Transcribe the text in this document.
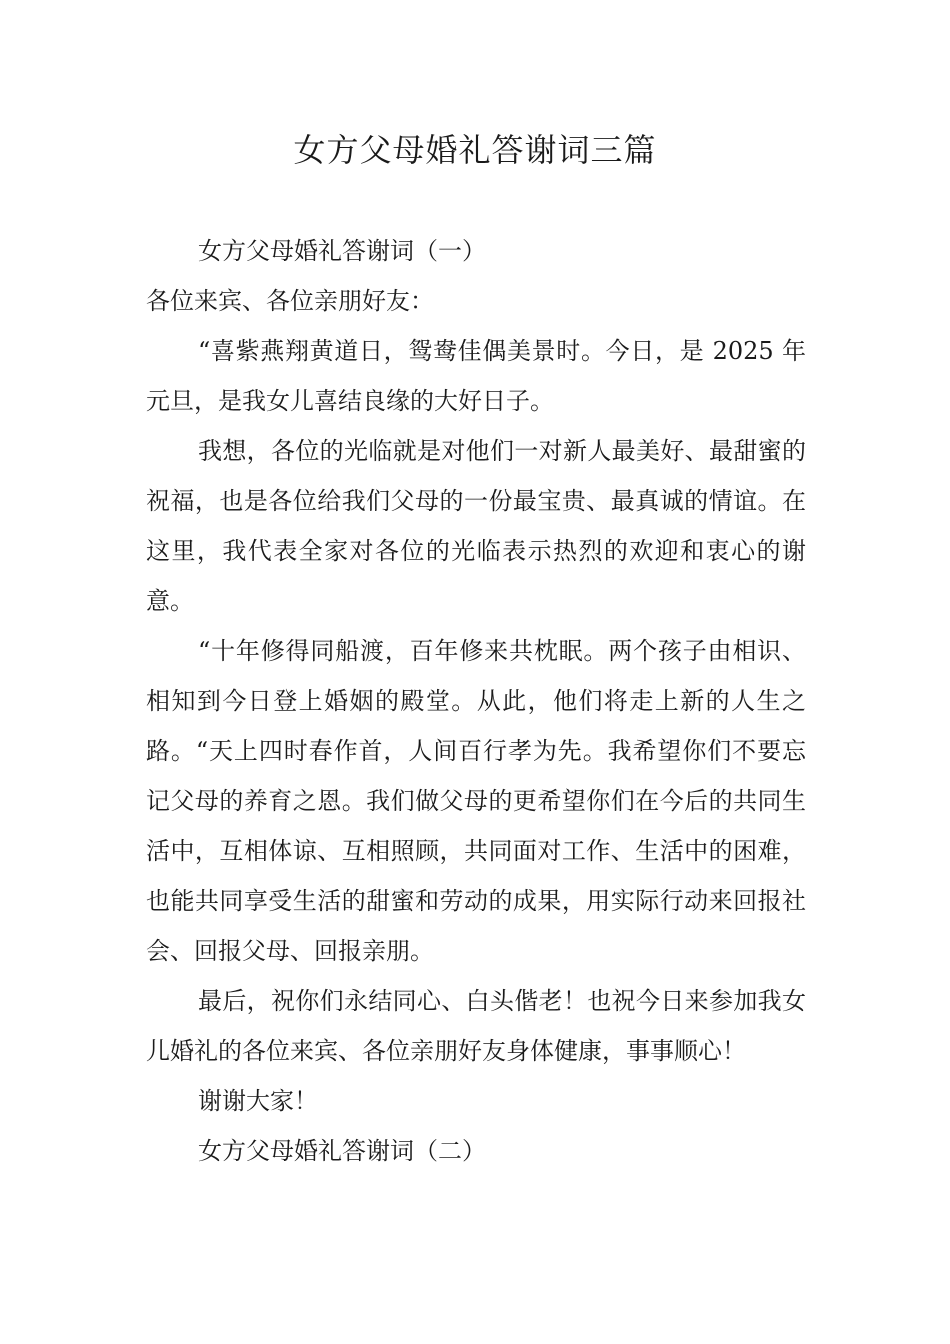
女方父母婚礼答谢词三篇

女方父母婚礼答谢词（一）

各位来宾、各位亲朋好友：

“喜紫燕翔黄道日，鸳鸯佳偶美景时。今日，是 2025 年元旦，是我女儿喜结良缘的大好日子。

我想，各位的光临就是对他们一对新人最美好、最甜蜜的祝福，也是各位给我们父母的一份最宝贵、最真诚的情谊。在这里，我代表全家对各位的光临表示热烈的欢迎和衷心的谢意。

“十年修得同船渡，百年修来共枕眠。两个孩子由相识、相知到今日登上婚姻的殿堂。从此，他们将走上新的人生之路。“天上四时春作首，人间百行孝为先。我希望你们不要忘记父母的养育之恩。我们做父母的更希望你们在今后的共同生活中，互相体谅、互相照顾，共同面对工作、生活中的困难，也能共同享受生活的甜蜜和劳动的成果，用实际行动来回报社会、回报父母、回报亲朋。

最后，祝你们永结同心、白头偕老！也祝今日来参加我女儿婚礼的各位来宾、各位亲朋好友身体健康，事事顺心！

谢谢大家！

女方父母婚礼答谢词（二）
